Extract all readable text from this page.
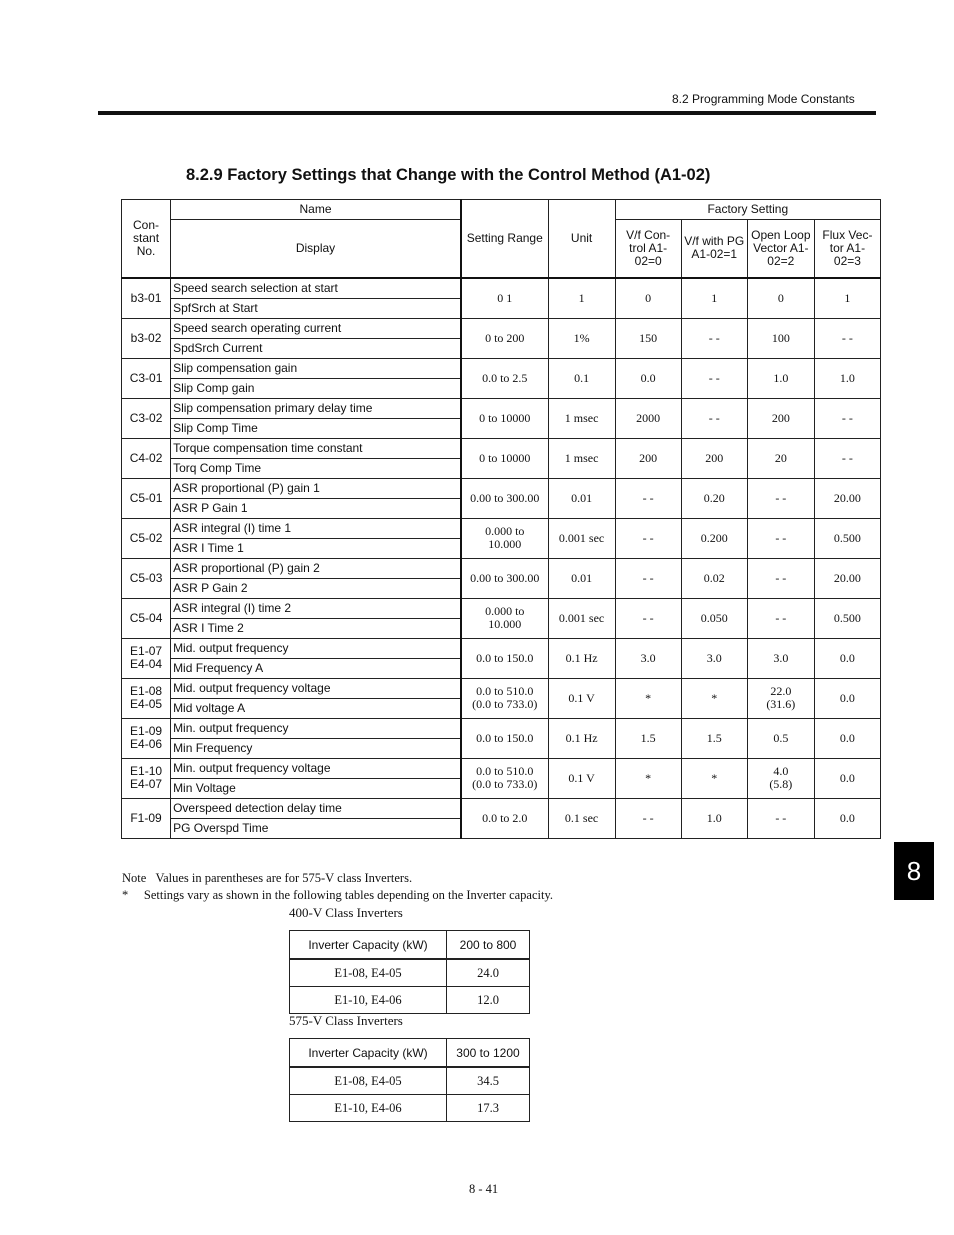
8.2 Programming Mode Constants
8.2.9 Factory Settings that Change with the Control Method (A1-02)
Con-
stant
No.	Name	Setting Range	Unit	Factory Setting			
	Display			V/f Con- trol A1-02=0	V/f with PG A1-02=1	Open Loop Vector A1-02=2	Flux Vec- tor A1-02=3
b3-01	Speed search selection at start	0 1	1	0	1	0	1
	SpfSrch at Start						
b3-02	Speed search operating current	0 to 200	1%	150	- -	100	- -
	SpdSrch Current						
C3-01	Slip compensation gain	0.0 to 2.5	0.1	0.0	- -	1.0	1.0
	Slip Comp gain						
C3-02	Slip compensation primary delay time	0 to 10000	1 msec	2000	- -	200	- -
	Slip Comp Time						
C4-02	Torque compensation time constant	0 to 10000	1 msec	200	200	20	- -
	Torq Comp Time						
C5-01	ASR proportional (P) gain 1	0.00 to 300.00	0.01	- -	0.20	- -	20.00
	ASR P Gain 1						
C5-02	ASR integral (I) time 1	0.000 to
10.000	0.001 sec	- -	0.200	- -	0.500
	ASR I Time 1						
C5-03	ASR proportional (P) gain 2	0.00 to 300.00	0.01	- -	0.02	- -	20.00
	ASR P Gain 2						
C5-04	ASR integral (I) time 2	0.000 to
10.000	0.001 sec	- -	0.050	- -	0.500
	ASR I Time 2						
E1-07
E4-04	Mid. output frequency	0.0 to 150.0	0.1 Hz	3.0	3.0	3.0	0.0
	Mid Frequency A						
E1-08
E4-05	Mid. output frequency voltage	0.0 to 510.0
(0.0 to 733.0)	0.1 V	*	*	22.0
(31.6)	0.0
	Mid voltage A						
E1-09
E4-06	Min. output frequency	0.0 to 150.0	0.1 Hz	1.5	1.5	0.5	0.0
	Min Frequency						
E1-10
E4-07	Min. output frequency voltage	0.0 to 510.0
(0.0 to 733.0)	0.1 V	*	*	4.0
(5.8)	0.0
	Min Voltage						
F1-09	Overspeed detection delay time	0.0 to 2.0	0.1 sec	- -	1.0	- -	0.0
	PG Overspd Time						
Note   Values in parentheses are for 575-V class Inverters.
*     Settings vary as shown in the following tables depending on the Inverter capacity.
400-V Class Inverters
Inverter Capacity (kW)	200 to 800
E1-08, E4-05	24.0
E1-10, E4-06	12.0
575-V Class Inverters
Inverter Capacity (kW)	300 to 1200
E1-08, E4-05	34.5
E1-10, E4-06	17.3
8
8 - 41
